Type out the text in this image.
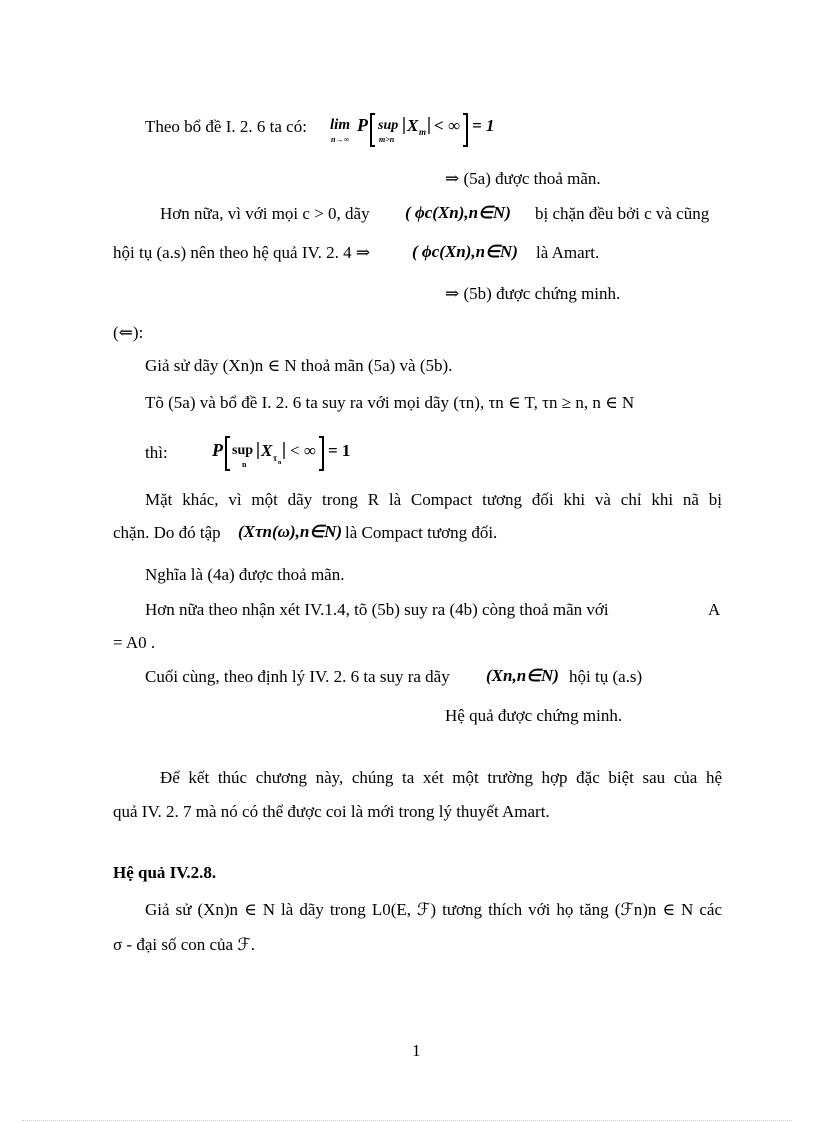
Theo bổ đề I. 2. 6 ta có: lim
n→∞
P sup
m>n
X m < ∞ = 1
⇒ (5a) được thoả mãn.
Hơn nữa, vì với mọi c > 0, dãy ( ϕc(Xn),n∈N) bị chặn đều bởi c và cũng
hội tụ (a.s) nên theo hệ quả IV. 2. 4 ⇒ ( ϕc(Xn),n∈N) là Amart.
⇒ (5b) được chứng minh.
(⇐):
Giả sử dãy (Xn)n ∈ N thoả mãn (5a) và (5b).
Tõ (5a) và bổ đề I. 2. 6 ta suy ra với mọi dãy (τn), τn ∈ T, τn ≥ n, n ∈ N
thì: P sup
n
X τ n
< ∞ = 1
Mặt khác, vì một dãy trong R là Compact tương đối khi và chỉ khi nã bị
chặn. Do đó tập (Xτn(ω),n∈N) là Compact tương đối.
Nghĩa là (4a) được thoả mãn.
Hơn nữa theo nhận xét IV.1.4, tõ (5b) suy ra (4b) còng thoả mãn với	A
= A0 .
Cuối cùng, theo định lý IV. 2. 6 ta suy ra dãy (Xn,n∈N) hội tụ (a.s)
Hệ quả được chứng minh.
Để kết thúc chương này, chúng ta xét một trường hợp đặc biệt sau của hệ
quả IV. 2. 7 mà nó có thể được coi là mới trong lý thuyết Amart.
Hệ quả IV.2.8.
Giả sử (Xn)n ∈ N là dãy trong L0(E, ℱ) tương thích với họ tăng (ℱn)n ∈ N các
σ - đại số con của ℱ.
1
